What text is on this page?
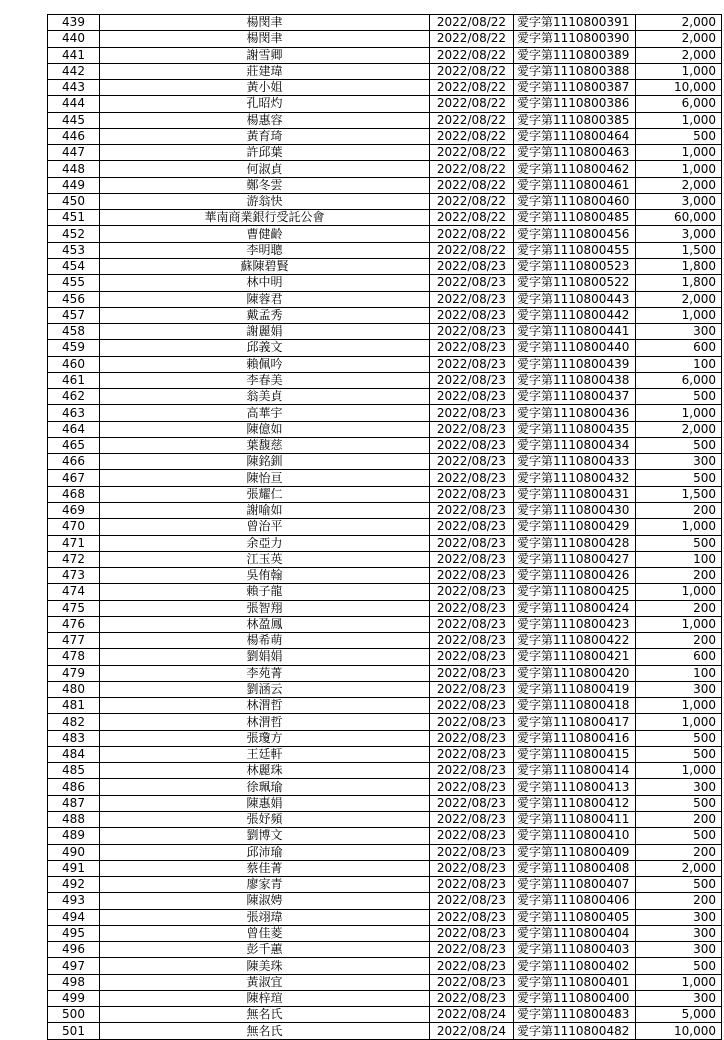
439	楊閔聿	2022/08/22	愛字第1110800391	2,000
440	楊閔聿	2022/08/22	愛字第1110800390	2,000
441	謝雪卿	2022/08/22	愛字第1110800389	2,000
442	莊建瑋	2022/08/22	愛字第1110800388	1,000
443	黃小姐	2022/08/22	愛字第1110800387	10,000
444	孔昭灼	2022/08/22	愛字第1110800386	6,000
445	楊惠容	2022/08/22	愛字第1110800385	1,000
446	黃育琦	2022/08/22	愛字第1110800464	500
447	許邱葉	2022/08/22	愛字第1110800463	1,000
448	何淑貞	2022/08/22	愛字第1110800462	1,000
449	鄭冬雲	2022/08/22	愛字第1110800461	2,000
450	游翁快	2022/08/22	愛字第1110800460	3,000
451	華南商業銀行受託公會	2022/08/22	愛字第1110800485	60,000
452	曹健齡	2022/08/22	愛字第1110800456	3,000
453	李明聰	2022/08/22	愛字第1110800455	1,500
454	蘇陳碧賢	2022/08/23	愛字第1110800523	1,800
455	林中明	2022/08/23	愛字第1110800522	1,800
456	陳蓉君	2022/08/23	愛字第1110800443	2,000
457	戴孟秀	2022/08/23	愛字第1110800442	1,000
458	謝麗娟	2022/08/23	愛字第1110800441	300
459	邱義文	2022/08/23	愛字第1110800440	600
460	賴佩吟	2022/08/23	愛字第1110800439	100
461	李春美	2022/08/23	愛字第1110800438	6,000
462	翁美貞	2022/08/23	愛字第1110800437	500
463	高華宇	2022/08/23	愛字第1110800436	1,000
464	陳億如	2022/08/23	愛字第1110800435	2,000
465	葉馥慈	2022/08/23	愛字第1110800434	500
466	陳銘釧	2022/08/23	愛字第1110800433	300
467	陳怡亘	2022/08/23	愛字第1110800432	500
468	張耀仁	2022/08/23	愛字第1110800431	1,500
469	謝喻如	2022/08/23	愛字第1110800430	200
470	曾治平	2022/08/23	愛字第1110800429	1,000
471	余亞力	2022/08/23	愛字第1110800428	500
472	江玉英	2022/08/23	愛字第1110800427	100
473	吳侑翰	2022/08/23	愛字第1110800426	200
474	賴子龍	2022/08/23	愛字第1110800425	1,000
475	張智翔	2022/08/23	愛字第1110800424	200
476	林盈鳳	2022/08/23	愛字第1110800423	1,000
477	楊希萌	2022/08/23	愛字第1110800422	200
478	劉娟娟	2022/08/23	愛字第1110800421	600
479	李苑菁	2022/08/23	愛字第1110800420	100
480	劉涵云	2022/08/23	愛字第1110800419	300
481	林渭哲	2022/08/23	愛字第1110800418	1,000
482	林渭哲	2022/08/23	愛字第1110800417	1,000
483	張瓊方	2022/08/23	愛字第1110800416	500
484	王廷軒	2022/08/23	愛字第1110800415	500
485	林麗珠	2022/08/23	愛字第1110800414	1,000
486	徐珮瑜	2022/08/23	愛字第1110800413	300
487	陳惠娟	2022/08/23	愛字第1110800412	500
488	張妤頻	2022/08/23	愛字第1110800411	200
489	劉博文	2022/08/23	愛字第1110800410	500
490	邱沛瑜	2022/08/23	愛字第1110800409	200
491	蔡佳菁	2022/08/23	愛字第1110800408	2,000
492	廖家青	2022/08/23	愛字第1110800407	500
493	陳淑娉	2022/08/23	愛字第1110800406	200
494	張翊瑋	2022/08/23	愛字第1110800405	300
495	曾佳菱	2022/08/23	愛字第1110800404	300
496	彭千蕙	2022/08/23	愛字第1110800403	300
497	陳美珠	2022/08/23	愛字第1110800402	500
498	黃淑宜	2022/08/23	愛字第1110800401	1,000
499	陳梓瑄	2022/08/23	愛字第1110800400	300
500	無名氏	2022/08/24	愛字第1110800483	5,000
501	無名氏	2022/08/24	愛字第1110800482	10,000
